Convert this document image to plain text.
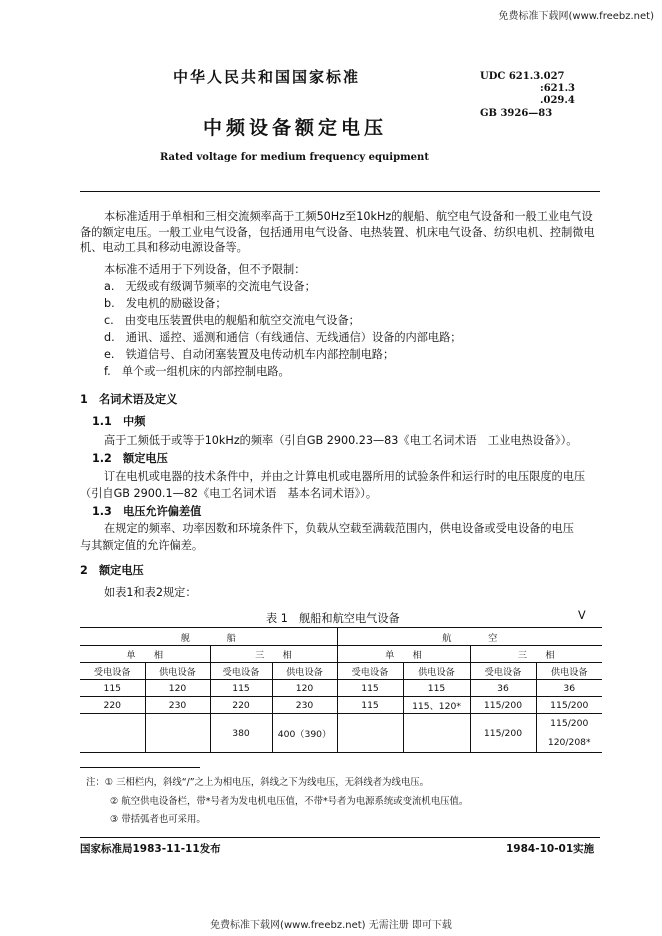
免费标准下载网(www.freebz.net)
中华人民共和国国家标准
中频设备额定电压
Rated voltage for medium frequency equipment
UDC 621.3.027
:621.3
.029.4
GB 3926—83
本标准适用于单相和三相交流频率高于工频50Hz至10kHz的舰船、航空电气设备和一般工业电气设备的额定电压。一般工业电气设备，包括通用电气设备、电热装置、机床电气设备、纺织电机、控制微电机、电动工具和移动电源设备等。
本标准不适用于下列设备，但不予限制：
a.　无级或有级调节频率的交流电气设备；
b.　发电机的励磁设备；
c.　由变电压装置供电的舰船和航空交流电气设备；
d.　通讯、遥控、遥测和通信（有线通信、无线通信）设备的内部电路；
e.　铁道信号、自动闭塞装置及电传动机车内部控制电路；
f.　单个或一组机床的内部控制电路。
1　名词术语及定义
1.1　中频
高于工频低于或等于10kHz的频率（引自GB 2900.23—83《电工名词术语　工业电热设备》）。
1.2　额定电压
订在电机或电器的技术条件中，并由之计算电机或电器所用的试验条件和运行时的电压限度的电压
（引自GB 2900.1—82《电工名词术语　基本名词术语》）。
1.3　电压允许偏差值
在规定的频率、功率因数和环境条件下，负载从空载至满载范围内，供电设备或受电设备的电压
与其额定值的允许偏差。
2　额定电压
如表1和表2规定：
表 1　舰船和航空电气设备	V
舰　　　　船				航　　　　空			
单　　相		三　　相		单　　相		三　　相	
受电设备	供电设备	受电设备	供电设备	受电设备	供电设备	受电设备	供电设备
115	120	115	120	115	115	36	36
220	230	220	230	115	115、120*	115/200	115/200
		380	400（390）			115/200	115/200
120/208*
注：① 三相栏内，斜线“/”之上为相电压，斜线之下为线电压，无斜线者为线电压。
② 航空供电设备栏，带*号者为发电机电压值，不带*号者为电源系统或变流机电压值。
③ 带括弧者也可采用。
国家标准局1983-11-11发布	1984-10-01实施
免费标准下载网(www.freebz.net) 无需注册 即可下载
